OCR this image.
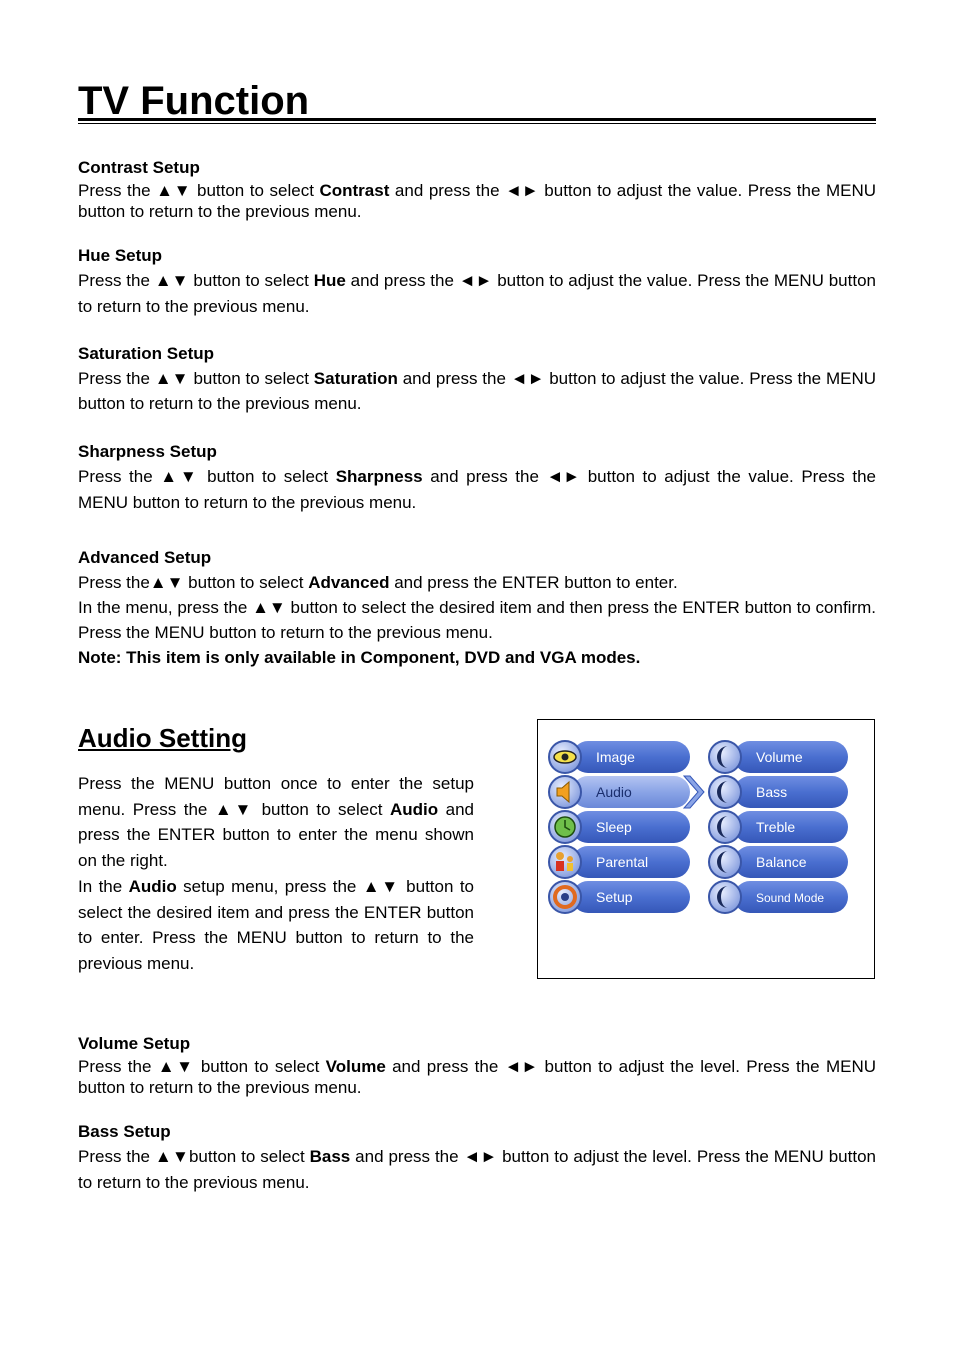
TV Function
Contrast Setup

Press the ▲▼ button to select Contrast and press the ◄► button to adjust the value. Press the MENU button to return to the previous menu.

Hue Setup

Press the ▲▼ button to select Hue and press the ◄► button to adjust the value. Press the MENU button to return to the previous menu.

Saturation Setup

Press the ▲▼ button to select Saturation and press the ◄► button to adjust the value. Press the MENU button to return to the previous menu.

Sharpness Setup

Press the ▲▼ button to select Sharpness and press the ◄► button to adjust the value. Press the MENU button to return to the previous menu.

Advanced Setup

Press the▲▼ button to select Advanced and press the ENTER button to enter.

In the menu, press the ▲▼ button to select the desired item and then press the ENTER button to confirm. Press the MENU button to return to the previous menu.

Note: This item is only available in Component, DVD and VGA modes.

Audio Setting

Press the MENU button once to enter the setup menu. Press the ▲▼ button to select Audio and press the ENTER button to enter the menu shown on the right.

In the Audio setup menu, press the ▲▼ button to select the desired item and press the ENTER button to enter. Press the MENU button to return to the previous menu.

Image
Audio
Sleep
Parental
Setup
Volume
Bass
Treble
Balance
Sound Mode
Volume Setup

Press the ▲▼ button to select Volume and press the ◄► button to adjust the level. Press the MENU button to return to the previous menu.

Bass Setup

Press the ▲▼button to select Bass and press the ◄► button to adjust the level. Press the MENU button to return to the previous menu.
